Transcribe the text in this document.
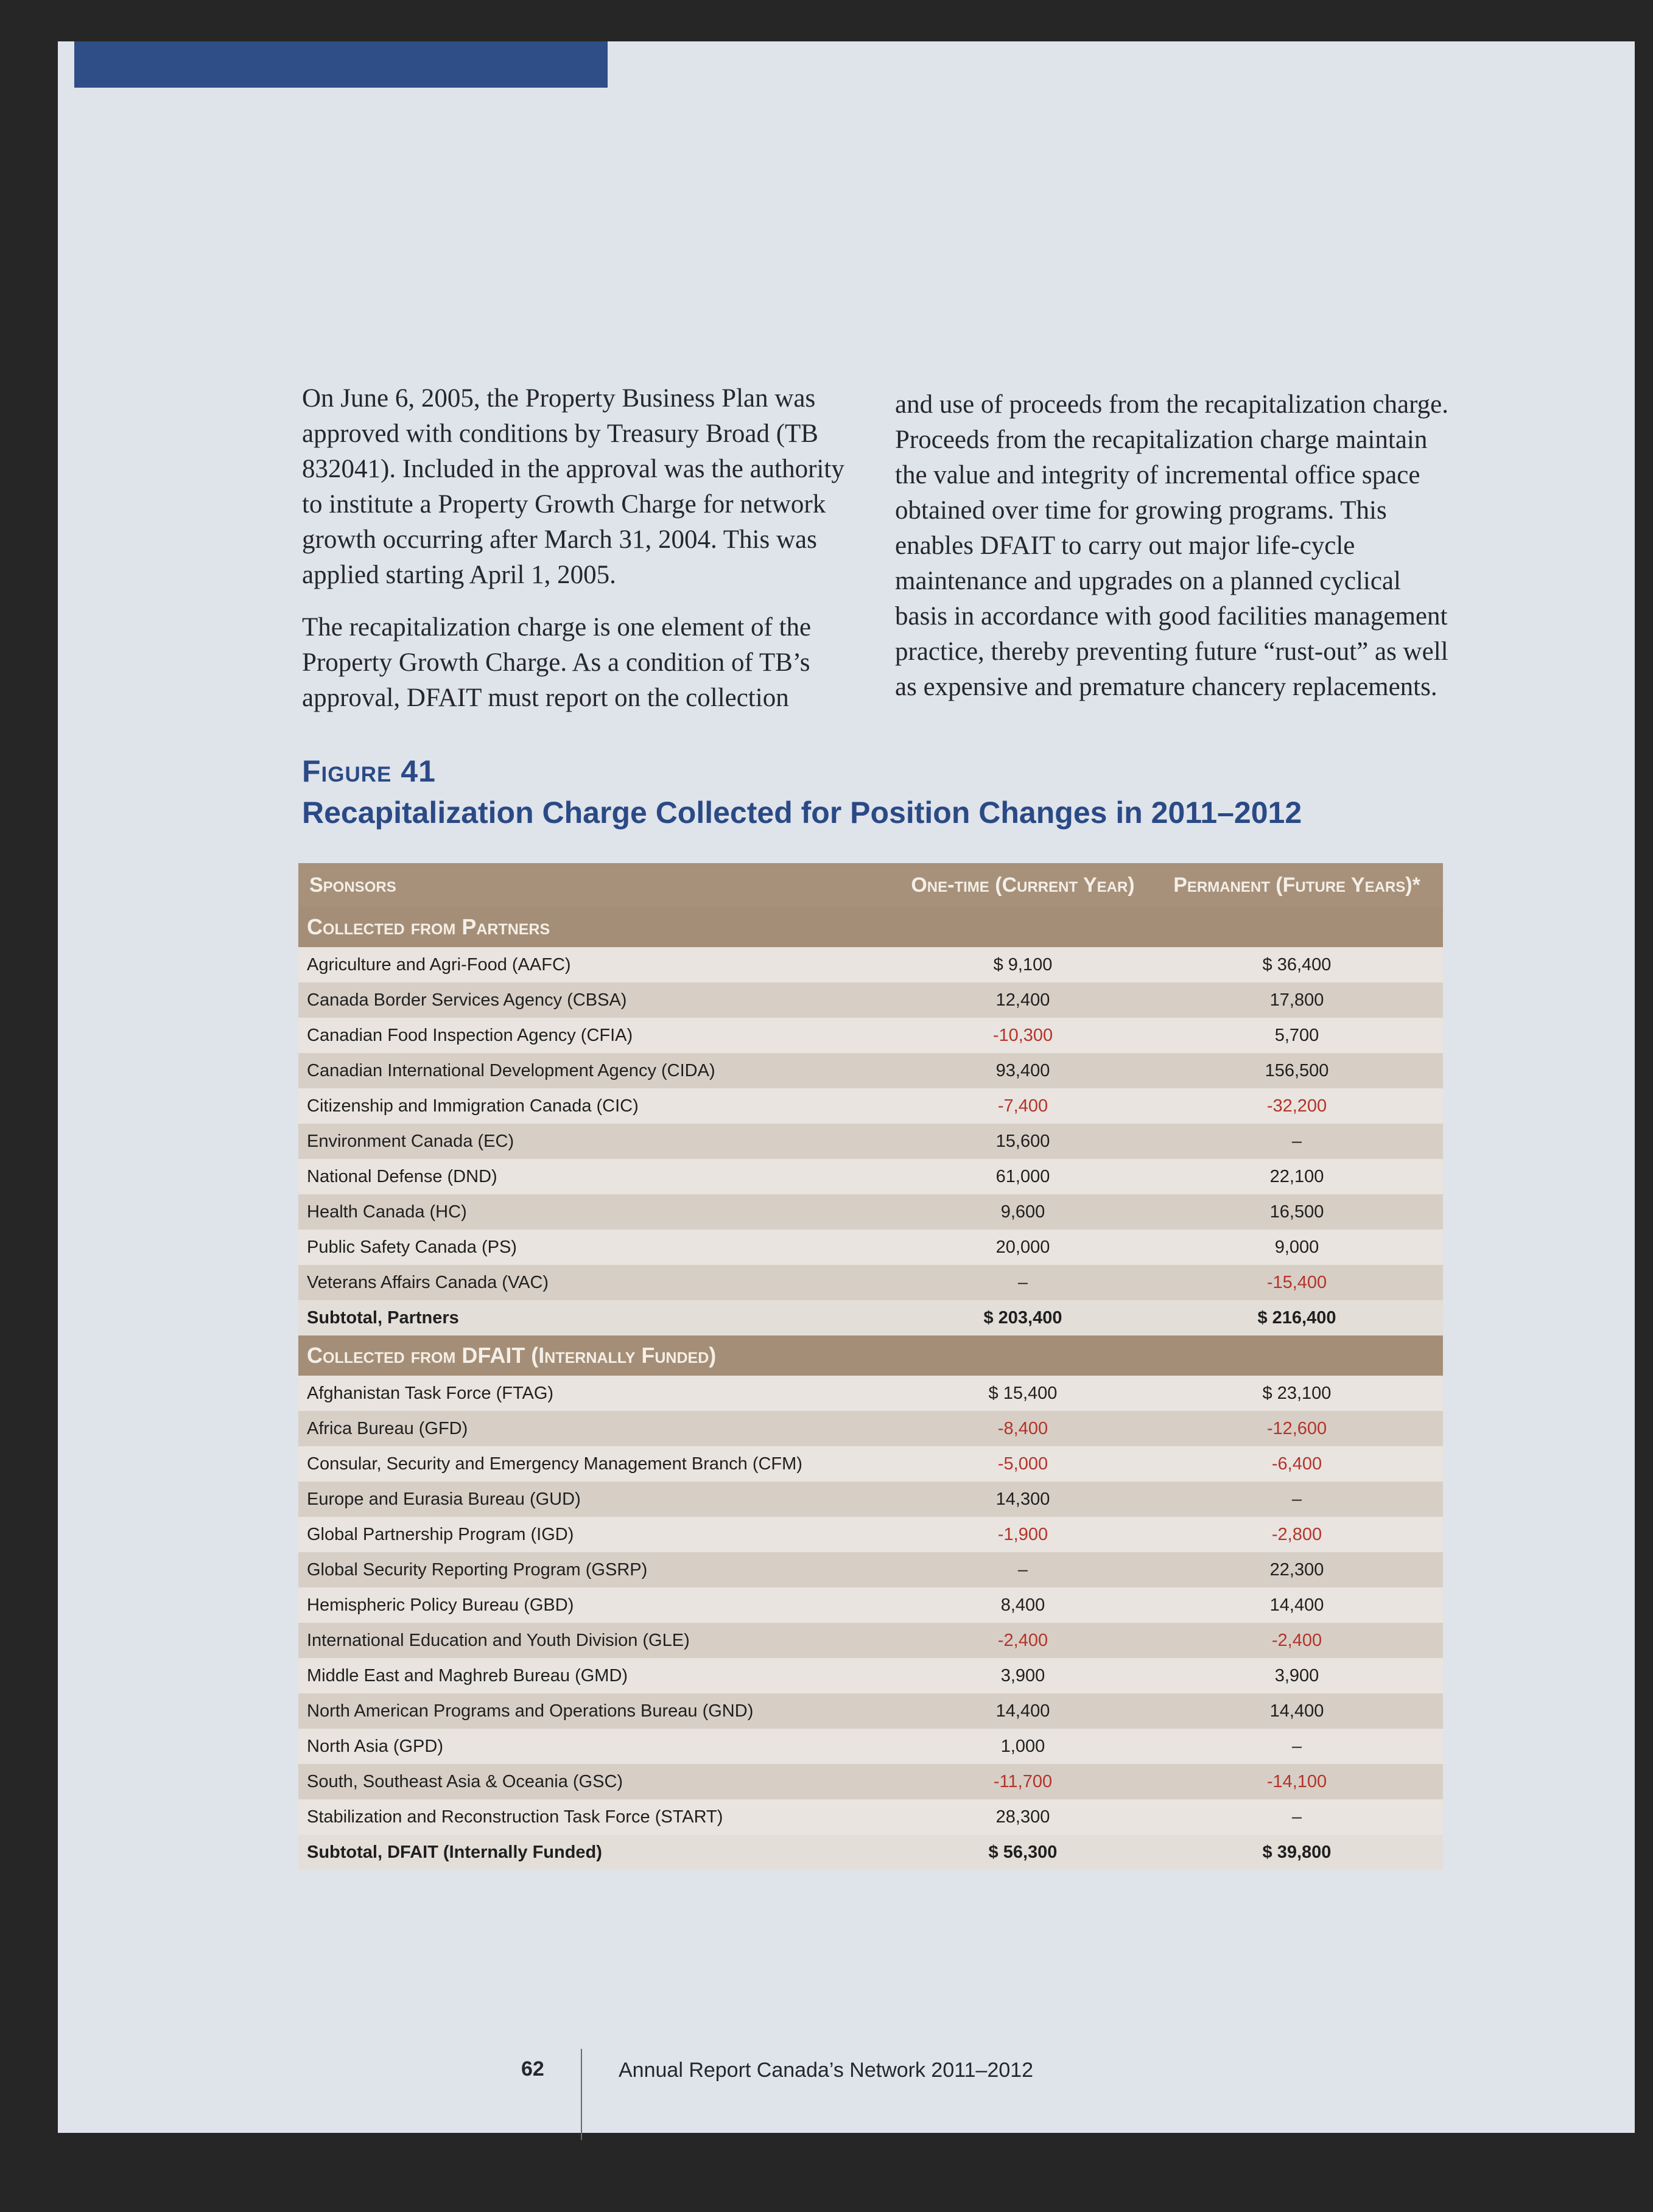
On June 6, 2005, the Property Business Plan was approved with conditions by Treasury Broad (TB 832041). Included in the approval was the authority to institute a Property Growth Charge for network growth occurring after March 31, 2004. This was applied starting April 1, 2005.

The recapitalization charge is one element of the Property Growth Charge. As a condition of TB’s approval, DFAIT must report on the collection

and use of proceeds from the recapitalization charge. Proceeds from the recapitalization charge maintain the value and integrity of incremental office space obtained over time for growing programs. This enables DFAIT to carry out major life-cycle maintenance and upgrades on a planned cyclical basis in accordance with good facilities management practice, thereby preventing future “rust-out” as well as expensive and premature chancery replacements.

Figure 41
Recapitalization Charge Collected for Position Changes in 2011–2012
Sponsors	One-time (Current Year)	Permanent (Future Years)*
Collected from Partners
Agriculture and Agri-Food (AAFC)	$ 9,100	$ 36,400
Canada Border Services Agency (CBSA)	12,400	17,800
Canadian Food Inspection Agency (CFIA)	-10,300	5,700
Canadian International Development Agency (CIDA)	93,400	156,500
Citizenship and Immigration Canada (CIC)	-7,400	-32,200
Environment Canada (EC)	15,600	–
National Defense (DND)	61,000	22,100
Health Canada (HC)	9,600	16,500
Public Safety Canada (PS)	20,000	9,000
Veterans Affairs Canada (VAC)	–	-15,400
Subtotal, Partners	$ 203,400	$ 216,400
Collected from DFAIT (Internally Funded)
Afghanistan Task Force (FTAG)	$ 15,400	$ 23,100
Africa Bureau (GFD)	-8,400	-12,600
Consular, Security and Emergency Management Branch (CFM)	-5,000	-6,400
Europe and Eurasia Bureau (GUD)	14,300	–
Global Partnership Program (IGD)	-1,900	-2,800
Global Security Reporting Program (GSRP)	–	22,300
Hemispheric Policy Bureau (GBD)	8,400	14,400
International Education and Youth Division (GLE)	-2,400	-2,400
Middle East and Maghreb Bureau (GMD)	3,900	3,900
North American Programs and Operations Bureau (GND)	14,400	14,400
North Asia (GPD)	1,000	–
South, Southeast Asia & Oceania (GSC)	-11,700	-14,100
Stabilization and Reconstruction Task Force (START)	28,300	–
Subtotal, DFAIT (Internally Funded)	$ 56,300	$ 39,800
62	Annual Report Canada’s Network 2011–2012
